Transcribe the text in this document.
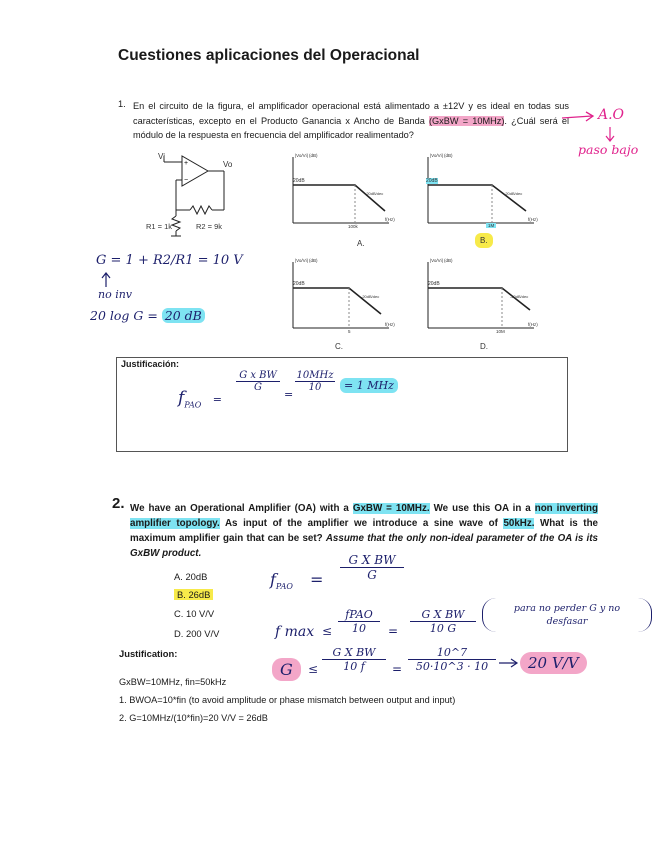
Cuestiones aplicaciones del Operacional
1. En el circuito de la figura, el amplificador operacional está alimentado a ±12V y es ideal en todas sus características, excepto en el Producto Ganancia x Ancho de Banda (GxBW = 10MHz). ¿Cuál será el módulo de la respuesta en frecuencia del amplificador realimentado?
A.O
paso bajo
+
−
Vi
Vo
R1 = 1k	R2 = 9k
|Vo/Vi| (dB)
20dB
-20dB/dec
100k
f(Hz)
A.
20dB
|Vo/Vi| (dB)
-20dB/dec
1M
f(Hz)
B.
|Vo/Vi| (dB)
20dB
-20dB/dec
5
f(Hz)
C.
|Vo/Vi| (dB)
20dB
-20dB/dec
10M
f(Hz)
D.
G = 1 + R2/R1 = 10 V
no inv
20 log G = 20 dB
Justificación:
$f_{PAO}$ =
$\frac{\text{G x BW}}{G}$
=
10MHz
10	= 1 MHz
2. We have an Operational Amplifier (OA) with a GxBW = 10MHz. We use this OA in a non inverting amplifier topology. As input of the amplifier we introduce a sine wave of 50kHz. What is the maximum amplifier gain that can be set? Assume that the only non-ideal parameter of the OA is its GxBW product.
A. 20dB
B. 26dB
C. 10 V/V
D. 200 V/V
Justification:
$f_{PAO} = \frac{\text{G X BW}}{G}$
f max ≤
fPAO
10	= $\frac{\text{G X BW}}{10 G}$	para no perder G y no desfasar
G	≤ $\frac{\text{G X BW}}{10 f} = \frac{10\^{}7}{50\cdot 10\^{}3 \cdot 10}$	20 V/V
GxBW=10MHz, fin=50kHz
1. BWOA=10*fin (to avoid amplitude or phase mismatch between output and input)
2. G=10MHz/(10*fin)=20 V/V = 26dB
